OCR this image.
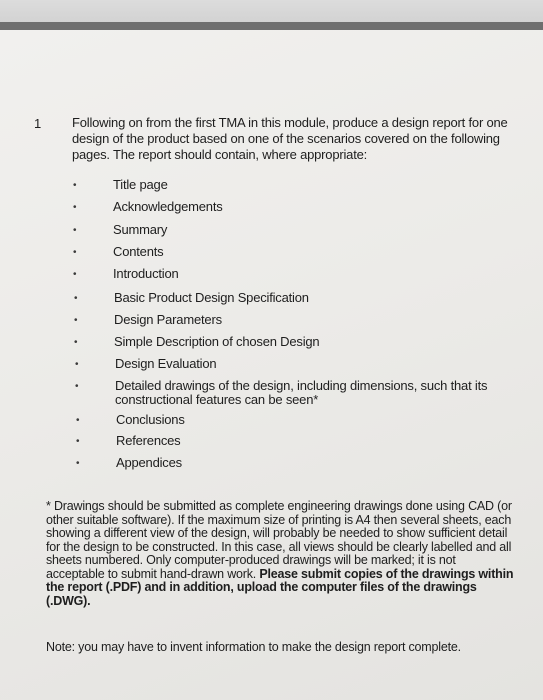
1 Following on from the first TMA in this module, produce a design report for one design of the product based on one of the scenarios covered on the following pages. The report should contain, where appropriate:

•	Title page
•	Acknowledgements
•	Summary
•	Contents
•	Introduction
•	Basic Product Design Specification
•	Design Parameters
•	Simple Description of chosen Design
•	Design Evaluation
•	Detailed drawings of the design, including dimensions, such that its constructional features can be seen*
•	Conclusions
•	References
•	Appendices

* Drawings should be submitted as complete engineering drawings done using CAD (or other suitable software). If the maximum size of printing is A4 then several sheets, each showing a different view of the design, will probably be needed to show sufficient detail for the design to be constructed. In this case, all views should be clearly labelled and all sheets numbered. Only computer-produced drawings will be marked; it is not acceptable to submit hand-drawn work. Please submit copies of the drawings within the report (.PDF) and in addition, upload the computer files of the drawings (.DWG).

Note: you may have to invent information to make the design report complete.
